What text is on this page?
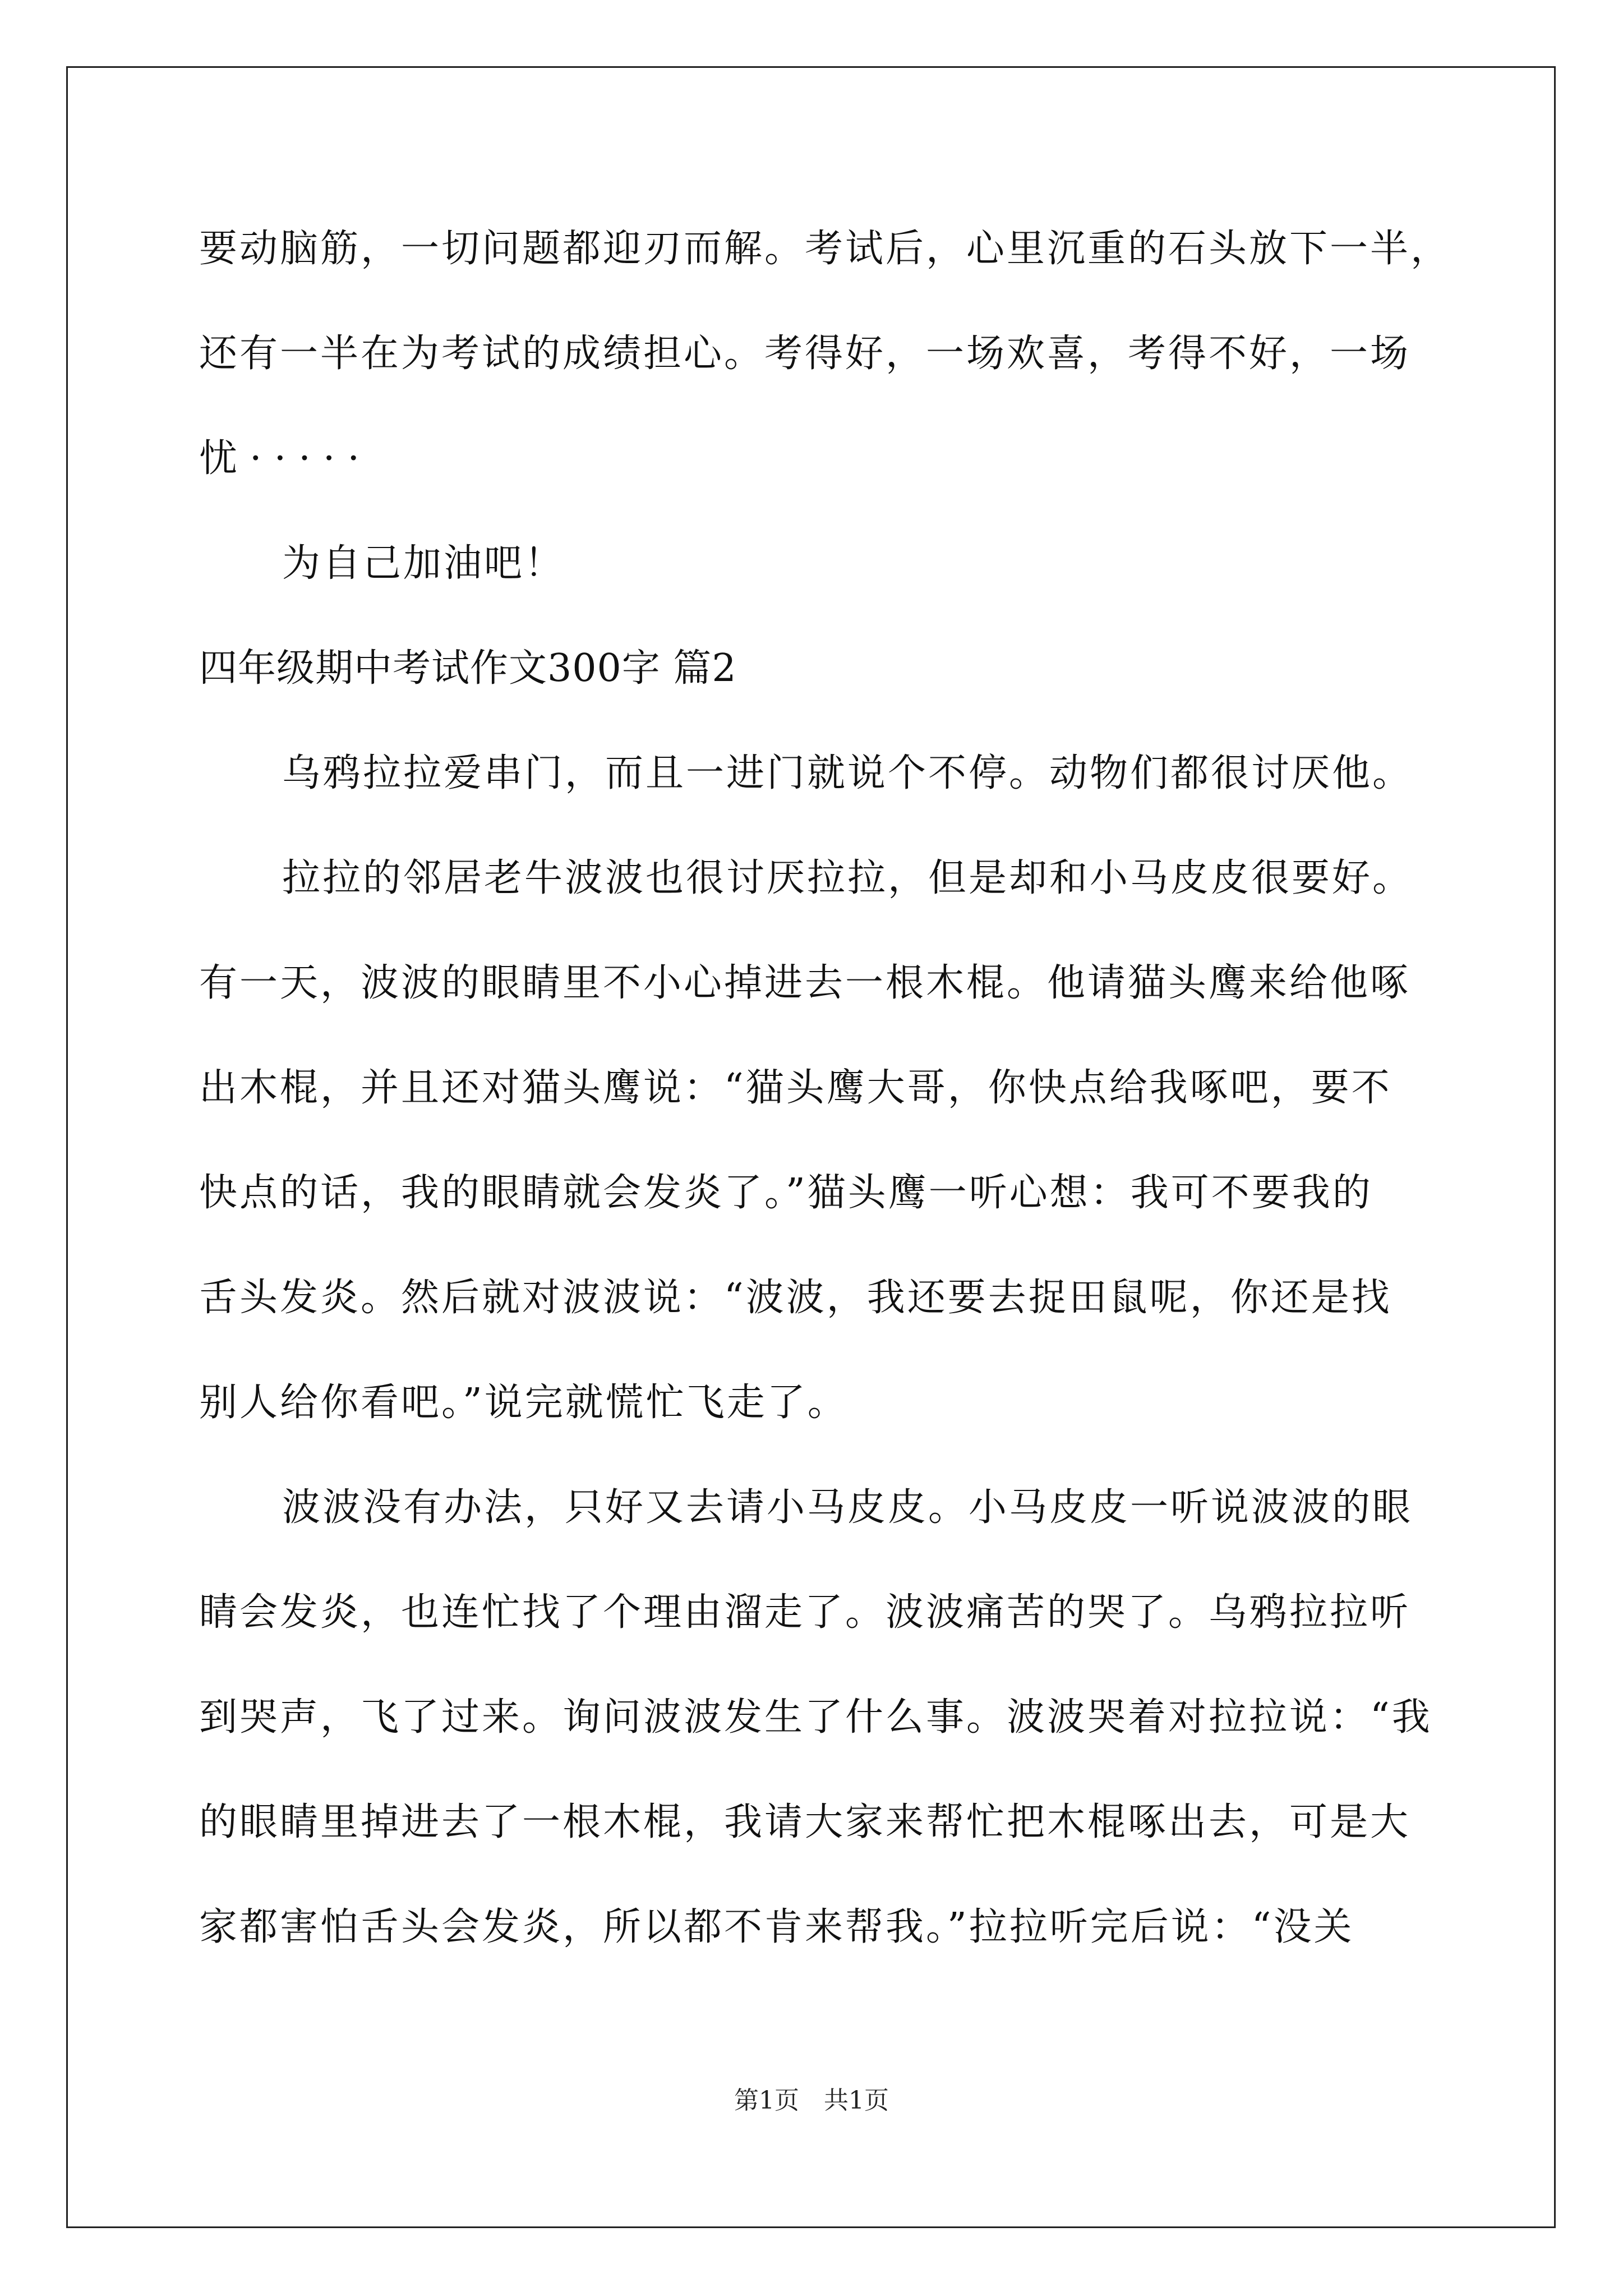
要动脑筋，一切问题都迎刃而解。考试后，心里沉重的石头放下一半，
还有一半在为考试的成绩担心。考得好，一场欢喜，考得不好，一场
忧·····
为自己加油吧！
四年级期中考试作文300字 篇2
乌鸦拉拉爱串门，而且一进门就说个不停。动物们都很讨厌他。
拉拉的邻居老牛波波也很讨厌拉拉，但是却和小马皮皮很要好。
有一天，波波的眼睛里不小心掉进去一根木棍。他请猫头鹰来给他啄
出木棍，并且还对猫头鹰说：“猫头鹰大哥，你快点给我啄吧，要不
快点的话，我的眼睛就会发炎了。”猫头鹰一听心想：我可不要我的
舌头发炎。然后就对波波说：“波波，我还要去捉田鼠呢，你还是找
别人给你看吧。”说完就慌忙飞走了。
波波没有办法，只好又去请小马皮皮。小马皮皮一听说波波的眼
睛会发炎，也连忙找了个理由溜走了。波波痛苦的哭了。乌鸦拉拉听
到哭声，飞了过来。询问波波发生了什么事。波波哭着对拉拉说：“我
的眼睛里掉进去了一根木棍，我请大家来帮忙把木棍啄出去，可是大
家都害怕舌头会发炎，所以都不肯来帮我。”拉拉听完后说：“没关
第1页　共1页
